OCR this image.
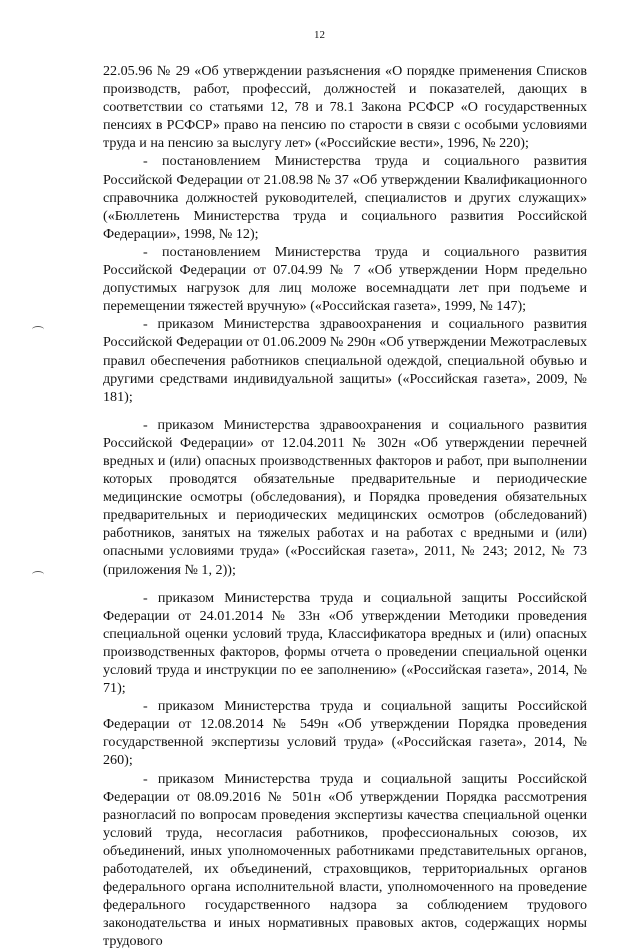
12

22.05.96 № 29 «Об утверждении разъяснения «О порядке применения Списков производств, работ, профессий, должностей и показателей, дающих в соответствии со статьями 12, 78 и 78.1 Закона РСФСР «О государственных пенсиях в РСФСР» право на пенсию по старости в связи с особыми условиями труда и на пенсию за выслугу лет» («Российские вести», 1996, № 220);

- постановлением Министерства труда и социального развития Российской Федерации от 21.08.98 № 37 «Об утверждении Квалификационного справочника должностей руководителей, специалистов и других служащих» («Бюллетень Министерства труда и социального развития Российской Федерации», 1998, № 12);

- постановлением Министерства труда и социального развития Российской Федерации от 07.04.99 № 7 «Об утверждении Норм предельно допустимых нагрузок для лиц моложе восемнадцати лет при подъеме и перемещении тяжестей вручную» («Российская газета», 1999, № 147);

- приказом Министерства здравоохранения и социального развития Российской Федерации от 01.06.2009 № 290н «Об утверждении Межотраслевых правил обеспечения работников специальной одеждой, специальной обувью и другими средствами индивидуальной защиты» («Российская газета», 2009, № 181);

- приказом Министерства здравоохранения и социального развития Российской Федерации» от 12.04.2011 № 302н «Об утверждении перечней вредных и (или) опасных производственных факторов и работ, при выполнении которых проводятся обязательные предварительные и периодические медицинские осмотры (обследования), и Порядка проведения обязательных предварительных и периодических медицинских осмотров (обследований) работников, занятых на тяжелых работах и на работах с вредными и (или) опасными условиями труда» («Российская газета», 2011, № 243; 2012, № 73 (приложения № 1, 2));

- приказом Министерства труда и социальной защиты Российской Федерации от 24.01.2014 № 33н «Об утверждении Методики проведения специальной оценки условий труда, Классификатора вредных и (или) опасных производственных факторов, формы отчета о проведении специальной оценки условий труда и инструкции по ее заполнению» («Российская газета», 2014, № 71);

- приказом Министерства труда и социальной защиты Российской Федерации от 12.08.2014 № 549н «Об утверждении Порядка проведения государственной экспертизы условий труда» («Российская газета», 2014, № 260);

- приказом Министерства труда и социальной защиты Российской Федерации от 08.09.2016 № 501н «Об утверждении Порядка рассмотрения разногласий по вопросам проведения экспертизы качества специальной оценки условий труда, несогласия работников, профессиональных союзов, их объединений, иных уполномоченных работниками представительных органов, работодателей, их объединений, страховщиков, территориальных органов федерального органа исполнительной власти, уполномоченного на проведение федерального государственного надзора за соблюдением трудового законодательства и иных нормативных правовых актов, содержащих нормы трудового
